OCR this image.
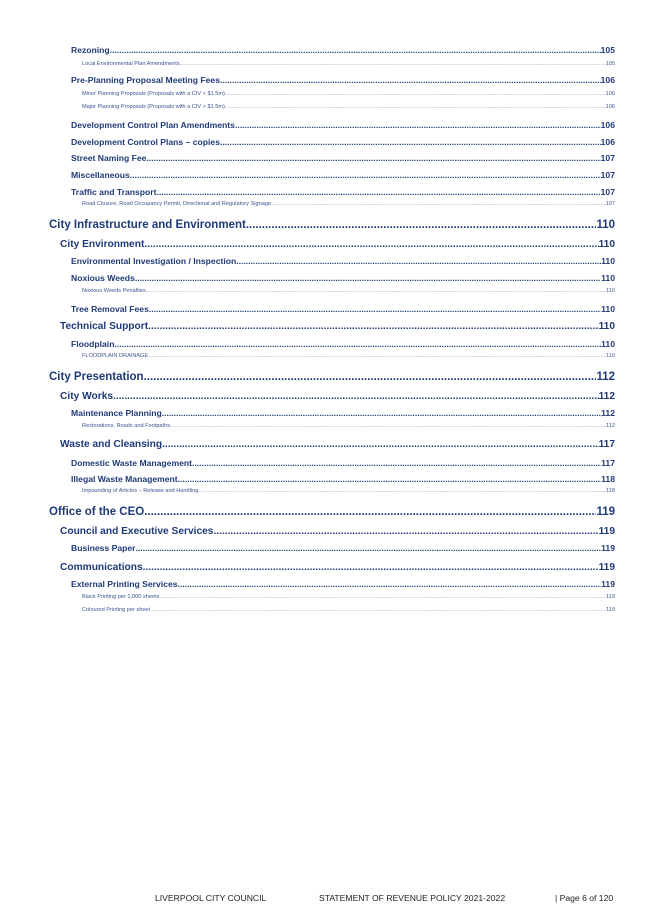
Rezoning .....	105
Local Environmental Plan Amendments .....	105
Pre-Planning Proposal Meeting Fees .....	106
Minor Planning Proposals (Proposals with a CIV < $1.5m) .....	106
Major Planning Proposals (Proposals with a CIV > $1.5m) .....	106
Development Control Plan Amendments .....	106
Development Control Plans – copies .....	106
Street Naming Fee .....	107
Miscellaneous .....	107
Traffic and Transport .....	107
Road Closure, Road Occupancy Permit, Directional and Regulatory Signage .....	107
City Infrastructure and Environment .....	110
City Environment .....	110
Environmental Investigation / Inspection .....	110
Noxious Weeds .....	110
Noxious Weeds Penalties .....	110
Tree Removal Fees .....	110
Technical Support .....	110
Floodplain .....	110
FLOODPLAIN DRAINAGE .....	110
City Presentation .....	112
City Works .....	112
Maintenance Planning .....	112
Restorations, Roads and Footpaths .....	112
Waste and Cleansing .....	117
Domestic Waste Management .....	117
Illegal Waste Management .....	118
Impounding of Articles – Release and Handling .....	118
Office of the CEO .....	119
Council and Executive Services .....	119
Business Paper .....	119
Communications .....	119
External Printing Services .....	119
Black Printing per 1,000 sheets .....	119
Coloured Printing per sheet .....	119
LIVERPOOL CITY COUNCIL	STATEMENT OF REVENUE POLICY 2021-2022	| Page 6 of 120
